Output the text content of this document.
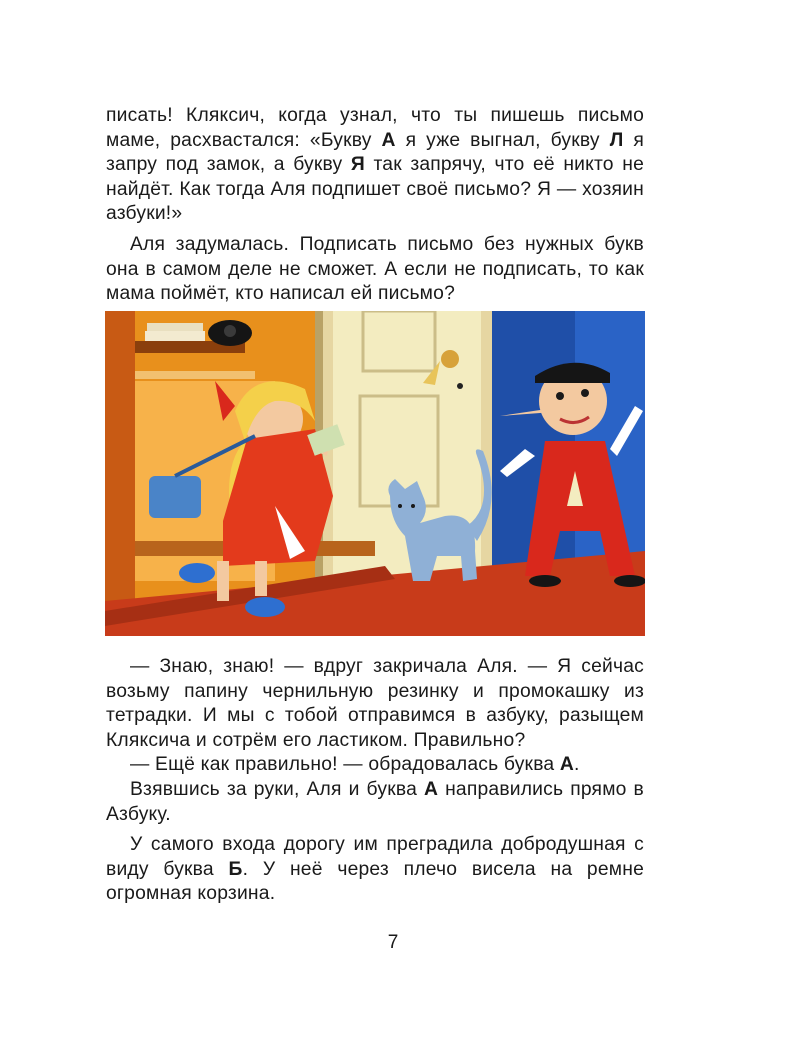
писать! Кляксич, когда узнал, что ты пишешь письмо маме, расхвастался: «Букву А я уже выгнал, букву Л я запру под замок, а букву Я так запрячу, что её никто не найдёт. Как тогда Аля подпишет своё письмо? Я — хозяин азбуки!»

Аля задумалась. Подписать письмо без нужных букв она в самом деле не сможет. А если не подписать, то как мама поймёт, кто написал ей письмо?

— Знаю, знаю! — вдруг закричала Аля. — Я сейчас возьму папину чернильную резинку и промокашку из тетрадки. И мы с тобой отправимся в азбуку, разыщем Кляксича и сотрём его ластиком. Правильно?

— Ещё как правильно! — обрадовалась буква А.

Взявшись за руки, Аля и буква А направились прямо в Азбуку.

У самого входа дорогу им преградила добродушная с виду буква Б. У неё через плечо висела на ремне огромная корзина.

7
